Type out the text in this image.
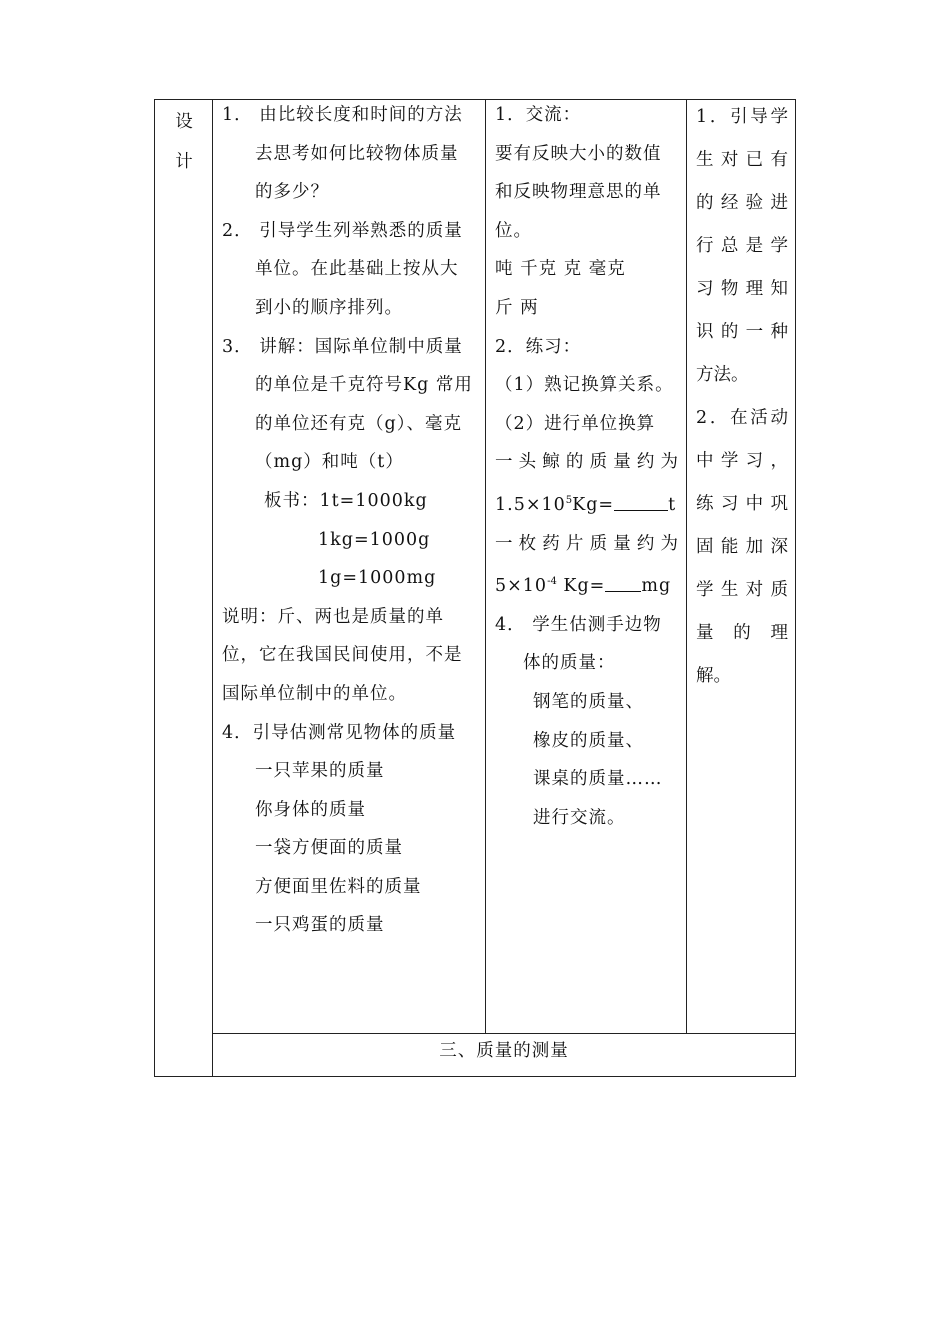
设

计

1． 由比较长度和时间的方法

去思考如何比较物体质量

的多少？

2． 引导学生列举熟悉的质量

单位。在此基础上按从大

到小的顺序排列。

3． 讲解：国际单位制中质量

的单位是千克符号Kg 常用

的单位还有克（g）、毫克

（mg）和吨（t）

板书：1t=1000kg

1kg=1000g

1g=1000mg

说明：斤、两也是质量的单

位，它在我国民间使用，不是

国际单位制中的单位。

4．引导估测常见物体的质量

一只苹果的质量

你身体的质量

一袋方便面的质量

方便面里佐料的质量

一只鸡蛋的质量

1．交流：

要有反映大小的数值

和反映物理意思的单

位。

吨 千克 克 毫克

斤 两

2．练习：

（1）熟记换算关系。

（2）进行单位换算

一头鲸的质量约为

$1.5\times 10^5Kg=$	t

一枚药片质量约为

$5\times 10^{-4}$ Kg= mg

4． 学生估测手边物

体的质量：

钢笔的质量、

橡皮的质量、

课桌的质量……

进行交流。

1．引导学

生对已有

的经验进

行总是学

习物理知

识的一种

方法。

2．在活动

中学习，

练习中巩

固能加深

学生对质

量 的 理

解。

三、质量的测量
